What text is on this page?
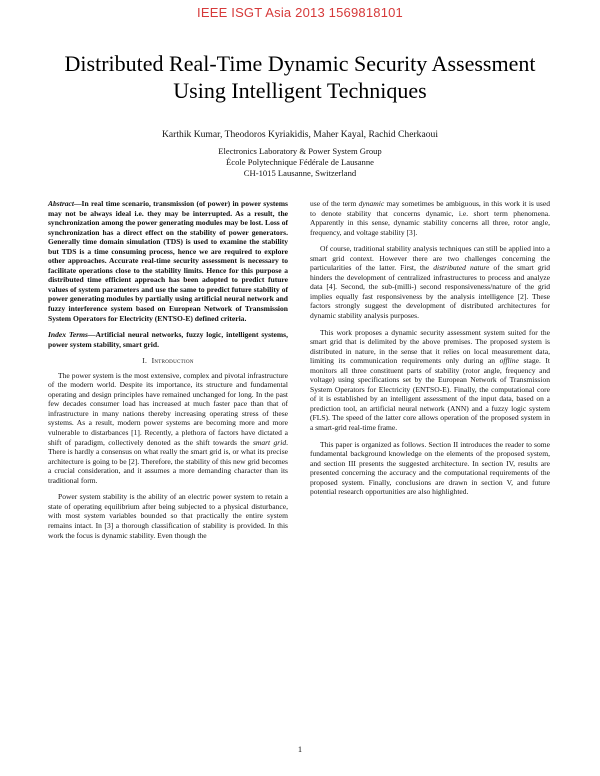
IEEE ISGT Asia 2013 1569818101
Distributed Real-Time Dynamic Security Assessment
Using Intelligent Techniques
Karthik Kumar, Theodoros Kyriakidis, Maher Kayal, Rachid Cherkaoui
Electronics Laboratory & Power System Group
École Polytechnique Fédérale de Lausanne
CH-1015 Lausanne, Switzerland

Abstract—In real time scenario, transmission (of power) in power systems may not be always ideal i.e. they may be interrupted. As a result, the synchronization among the power generating modules may be lost. Loss of synchronization has a direct effect on the stability of power generators. Generally time domain simulation (TDS) is used to examine the stability but TDS is a time consuming process, hence we are required to explore other approaches. Accurate real-time security assessment is necessary to facilitate operations close to the stability limits. Hence for this purpose a distributed time efficient approach has been adopted to predict future values of system parameters and use the same to predict future stability of power generating modules by partially using artificial neural network and fuzzy interference system based on European Network of Transmission System Operators for Electricity (ENTSO-E) defined criteria.

Index Terms—Artificial neural networks, fuzzy logic, intelligent systems, power system stability, smart grid.

I. Introduction

The power system is the most extensive, complex and pivotal infrastructure of the modern world. Despite its importance, its structure and fundamental operating and design principles have remained unchanged for long. In the past few decades consumer load has increased at much faster pace than that of infrastructure in many nations thereby increasing operating stress of these systems. As a result, modern power systems are becoming more and more vulnerable to distarbances [1]. Recently, a plethora of factors have dictated a shift of paradigm, collectively denoted as the shift towards the smart grid. There is hardly a consensus on what really the smart grid is, or what its precise architecture is going to be [2]. Therefore, the stability of this new grid becomes a crucial consideration, and it assumes a more demanding character than its traditional form.

Power system stability is the ability of an electric power system to retain a state of operating equilibrium after being subjected to a physical disturbance, with most system variables bounded so that practically the entire system remains intact. In [3] a thorough classification of stability is provided. In this work the focus is dynamic stability. Even though the

use of the term dynamic may sometimes be ambiguous, in this work it is used to denote stability that concerns dynamic, i.e. short term phenomena. Apparently in this sense, dynamic stability concerns all three, rotor angle, frequency, and voltage stability [3].

Of course, traditional stability analysis techniques can still be applied into a smart grid context. However there are two challenges concerning the particularities of the latter. First, the distributed nature of the smart grid hinders the development of centralized infrastructures to process and analyze data [4]. Second, the sub-(milli-) second responsiveness/nature of the grid implies equally fast responsiveness by the analysis intelligence [2]. These factors strongly suggest the development of distributed architectures for dynamic stability analysis purposes.

This work proposes a dynamic security assessment system suited for the smart grid that is delimited by the above premises. The proposed system is distributed in nature, in the sense that it relies on local measurement data, limiting its communication requirements only during an offline stage. It monitors all three constituent parts of stability (rotor angle, frequency and voltage) using specifications set by the European Network of Transmission System Operators for Electricity (ENTSO-E). Finally, the computational core of it is established by an intelligent assessment of the input data, based on a prediction tool, an artificial neural network (ANN) and a fuzzy logic system (FLS). The speed of the latter core allows operation of the proposed system in a smart-grid real-time frame.

This paper is organized as follows. Section II introduces the reader to some fundamental background knowledge on the elements of the proposed system, and section III presents the suggested architecture. In section IV, results are presented concerning the accuracy and the computational requirements of the proposed system. Finally, conclusions are drawn in section V, and future potential research opportunities are also highlighted.

1
